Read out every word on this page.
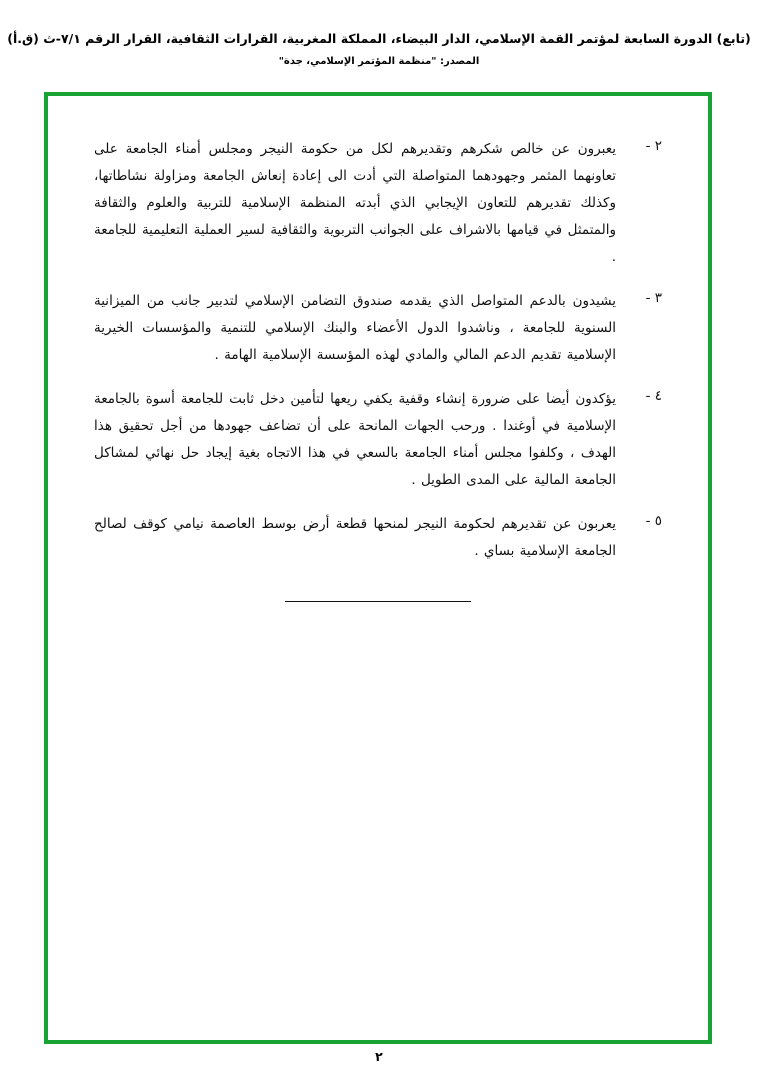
(تابع) الدورة السابعة لمؤتمر القمة الإسلامي، الدار البيضاء، المملكة المغربية، القرارات الثقافية، القرار الرقم ٧/١-ث (ق.أ)
المصدر: "منظمة المؤتمر الإسلامي، جدة"
٢ -
يعبرون عن خالص شكرهم وتقديرهم لكل من حكومة النيجر ومجلس أمناء الجامعة على تعاونهما المثمر وجهودهما المتواصلة التي أدت الى إعادة إنعاش الجامعة ومزاولة نشاطاتها، وكذلك تقديرهم للتعاون الإيجابي الذي أبدته المنظمة الإسلامية للتربية والعلوم والثقافة والمتمثل في قيامها بالاشراف على الجوانب التربوية والثقافية لسير العملية التعليمية للجامعة .
٣ -
يشيدون بالدعم المتواصل الذي يقدمه صندوق التضامن الإسلامي لتدبير جانب من الميزانية السنوية للجامعة ، وناشدوا الدول الأعضاء والبنك الإسلامي للتنمية والمؤسسات الخيرية الإسلامية تقديم الدعم المالي والمادي لهذه المؤسسة الإسلامية الهامة .
٤ -
يؤكدون أيضا على ضرورة إنشاء وقفية يكفي ريعها لتأمين دخل ثابت للجامعة أسوة بالجامعة الإسلامية في أوغندا . ورحب الجهات المانحة على أن تضاعف جهودها من أجل تحقيق هذا الهدف ، وكلفوا مجلس أمناء الجامعة بالسعي في هذا الاتجاه بغية إيجاد حل نهائي لمشاكل الجامعة المالية على المدى الطويل .
٥ -
يعربون عن تقديرهم لحكومة النيجر لمنحها قطعة أرض بوسط العاصمة نيامي كوقف لصالح الجامعة الإسلامية بساي .
٢
